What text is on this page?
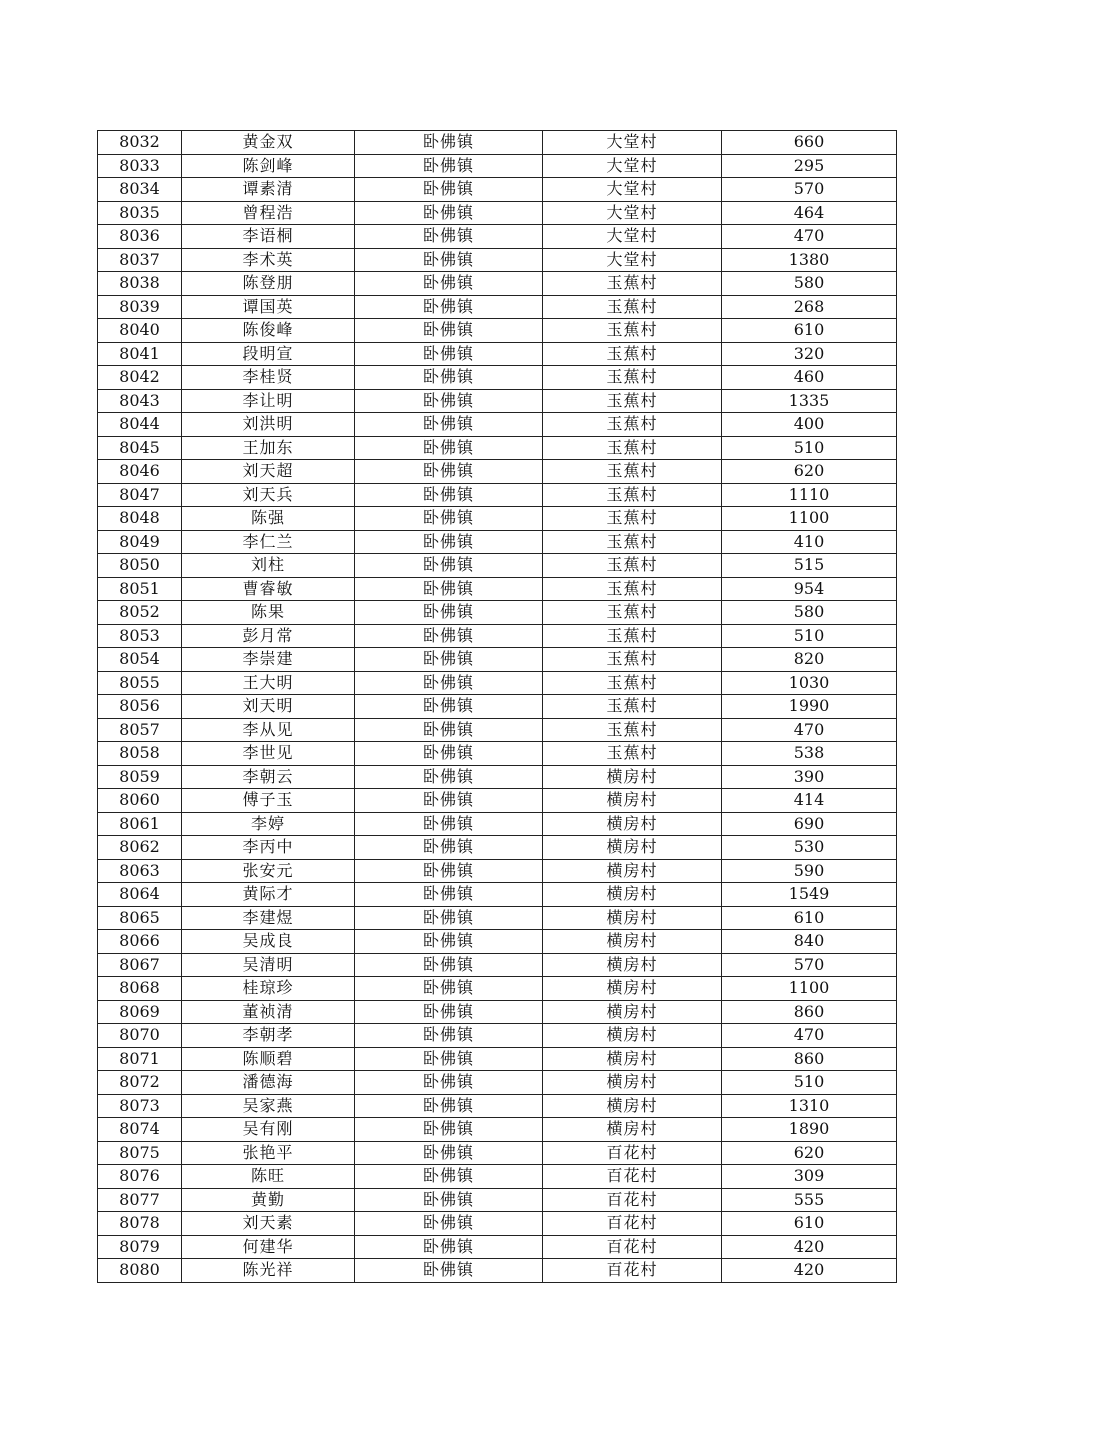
8032	黄金双	卧佛镇	大堂村	660
8033	陈剑峰	卧佛镇	大堂村	295
8034	谭素清	卧佛镇	大堂村	570
8035	曾程浩	卧佛镇	大堂村	464
8036	李语桐	卧佛镇	大堂村	470
8037	李术英	卧佛镇	大堂村	1380
8038	陈登朋	卧佛镇	玉蕉村	580
8039	谭国英	卧佛镇	玉蕉村	268
8040	陈俊峰	卧佛镇	玉蕉村	610
8041	段明宣	卧佛镇	玉蕉村	320
8042	李桂贤	卧佛镇	玉蕉村	460
8043	李让明	卧佛镇	玉蕉村	1335
8044	刘洪明	卧佛镇	玉蕉村	400
8045	王加东	卧佛镇	玉蕉村	510
8046	刘天超	卧佛镇	玉蕉村	620
8047	刘天兵	卧佛镇	玉蕉村	1110
8048	陈强	卧佛镇	玉蕉村	1100
8049	李仁兰	卧佛镇	玉蕉村	410
8050	刘柱	卧佛镇	玉蕉村	515
8051	曹睿敏	卧佛镇	玉蕉村	954
8052	陈果	卧佛镇	玉蕉村	580
8053	彭月常	卧佛镇	玉蕉村	510
8054	李崇建	卧佛镇	玉蕉村	820
8055	王大明	卧佛镇	玉蕉村	1030
8056	刘天明	卧佛镇	玉蕉村	1990
8057	李从见	卧佛镇	玉蕉村	470
8058	李世见	卧佛镇	玉蕉村	538
8059	李朝云	卧佛镇	横房村	390
8060	傅子玉	卧佛镇	横房村	414
8061	李婷	卧佛镇	横房村	690
8062	李丙中	卧佛镇	横房村	530
8063	张安元	卧佛镇	横房村	590
8064	黄际才	卧佛镇	横房村	1549
8065	李建煜	卧佛镇	横房村	610
8066	吴成良	卧佛镇	横房村	840
8067	吴清明	卧佛镇	横房村	570
8068	桂琼珍	卧佛镇	横房村	1100
8069	董祯清	卧佛镇	横房村	860
8070	李朝孝	卧佛镇	横房村	470
8071	陈顺碧	卧佛镇	横房村	860
8072	潘德海	卧佛镇	横房村	510
8073	吴家燕	卧佛镇	横房村	1310
8074	吴有刚	卧佛镇	横房村	1890
8075	张艳平	卧佛镇	百花村	620
8076	陈旺	卧佛镇	百花村	309
8077	黄勤	卧佛镇	百花村	555
8078	刘天素	卧佛镇	百花村	610
8079	何建华	卧佛镇	百花村	420
8080	陈光祥	卧佛镇	百花村	420
